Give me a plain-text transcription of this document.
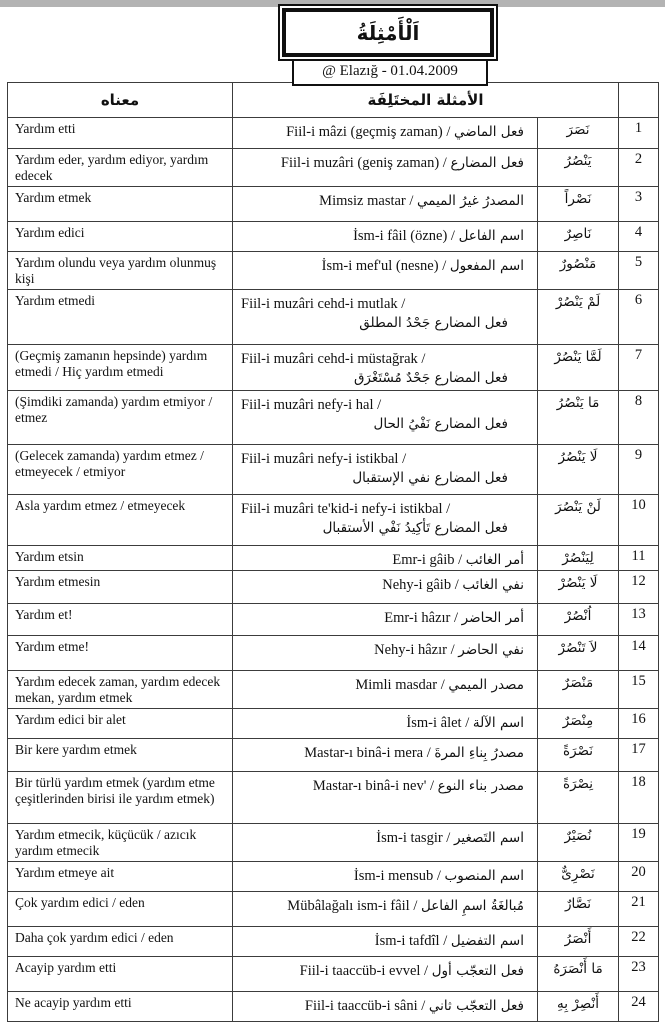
اَلْأَمْثِلَةُ
@ Elazığ - 01.04.2009
معناه	الأمثلة المختَلِفَة		
Yardım etti	Fiil-i mâzi (geçmiş zaman) / فعل الماضي	نَصَرَ	1
Yardım eder, yardım ediyor, yardım edecek	Fiil-i muzâri (geniş zaman) / فعل المضارع	يَنْصُرُ	2
Yardım etmek	Mimsiz mastar / المصدرُ غيرُ الميمي	نَصْراً	3
Yardım edici	İsm-i fâil (özne) / اسم الفاعل	نَاصِرٌ	4
Yardım olundu veya yardım olunmuş kişi	İsm-i mef'ul (nesne) / اسم المفعول	مَنْصُورٌ	5
Yardım etmedi	Fiil-i muzâri cehd-i mutlak /
فعل المضارع جَحْدُ المطلق	لَمْ يَنْصُرْ	6
(Geçmiş zamanın hepsinde) yardım etmedi / Hiç yardım etmedi	Fiil-i muzâri cehd-i müstağrak /
فعل المضارع جَحْدٌ مُسْتَغْرَق	لَمَّا يَنْصُرْ	7
(Şimdiki zamanda) yardım etmiyor / etmez	Fiil-i muzâri nefy-i hal /
فعل المضارع نَفْيُ الحال	مَا يَنْصُرُ	8
(Gelecek zamanda) yardım etmez / etmeyecek / etmiyor	Fiil-i muzâri nefy-i istikbal /
فعل المضارع نفي الإستقبال	لَا يَنْصُرُ	9
Asla yardım etmez / etmeyecek	Fiil-i muzâri te'kid-i nefy-i istikbal /
فعل المضارع تَأكِيدُ نَفْي الأستقبال	لَنْ يَنْصُرَ	10
Yardım etsin	Emr-i gâib / أمر الغائب	لِيَنْصُرْ	11
Yardım etmesin	Nehy-i gâib / نفي الغائب	لَا يَنْصُرْ	12
Yardım et!	Emr-i hâzır / أمر الحاضر	اُنْصُرْ	13
Yardım etme!	Nehy-i hâzır / نفي الحاضر	لاَ تَنْصُرْ	14
Yardım edecek zaman, yardım edecek mekan, yardım etmek	Mimli masdar / مصدر الميمي	مَنْصَرٌ	15
Yardım edici bir alet	İsm-i âlet / اسم الآلة	مِنْصَرٌ	16
Bir kere yardım etmek	Mastar-ı binâ-i mera / مصدرُ بِناءِ المرةَ	نَصْرَةً	17
Bir türlü yardım etmek (yardım etme çeşitlerinden birisi ile yardım etmek)	Mastar-ı binâ-i nev' / مصدر بناء النوع	نِصْرَةً	18
Yardım etmecik, küçücük / azıcık yardım etmecik	İsm-i tasgir / اسم التَصغير	نُصَيْرٌ	19
Yardım etmeye ait	İsm-i mensub / اسم المنصوب	نَصْرِىٌّ	20
Çok yardım edici / eden	Mübâlağalı ism-i fâil / مُبالغَةُ اسمِ الفاعل	نَصَّارٌ	21
Daha çok yardım edici / eden	İsm-i tafdîl / اسم التفضيل	أَنْصَرُ	22
Acayip yardım etti	Fiil-i taaccüb-i evvel / فعل التعجّب أول	مَا أَنْصَرَهُ	23
Ne acayip yardım etti	Fiil-i taaccüb-i sâni / فعل التعجّب ثاني	أَنْصِرْ بِهِ	24
